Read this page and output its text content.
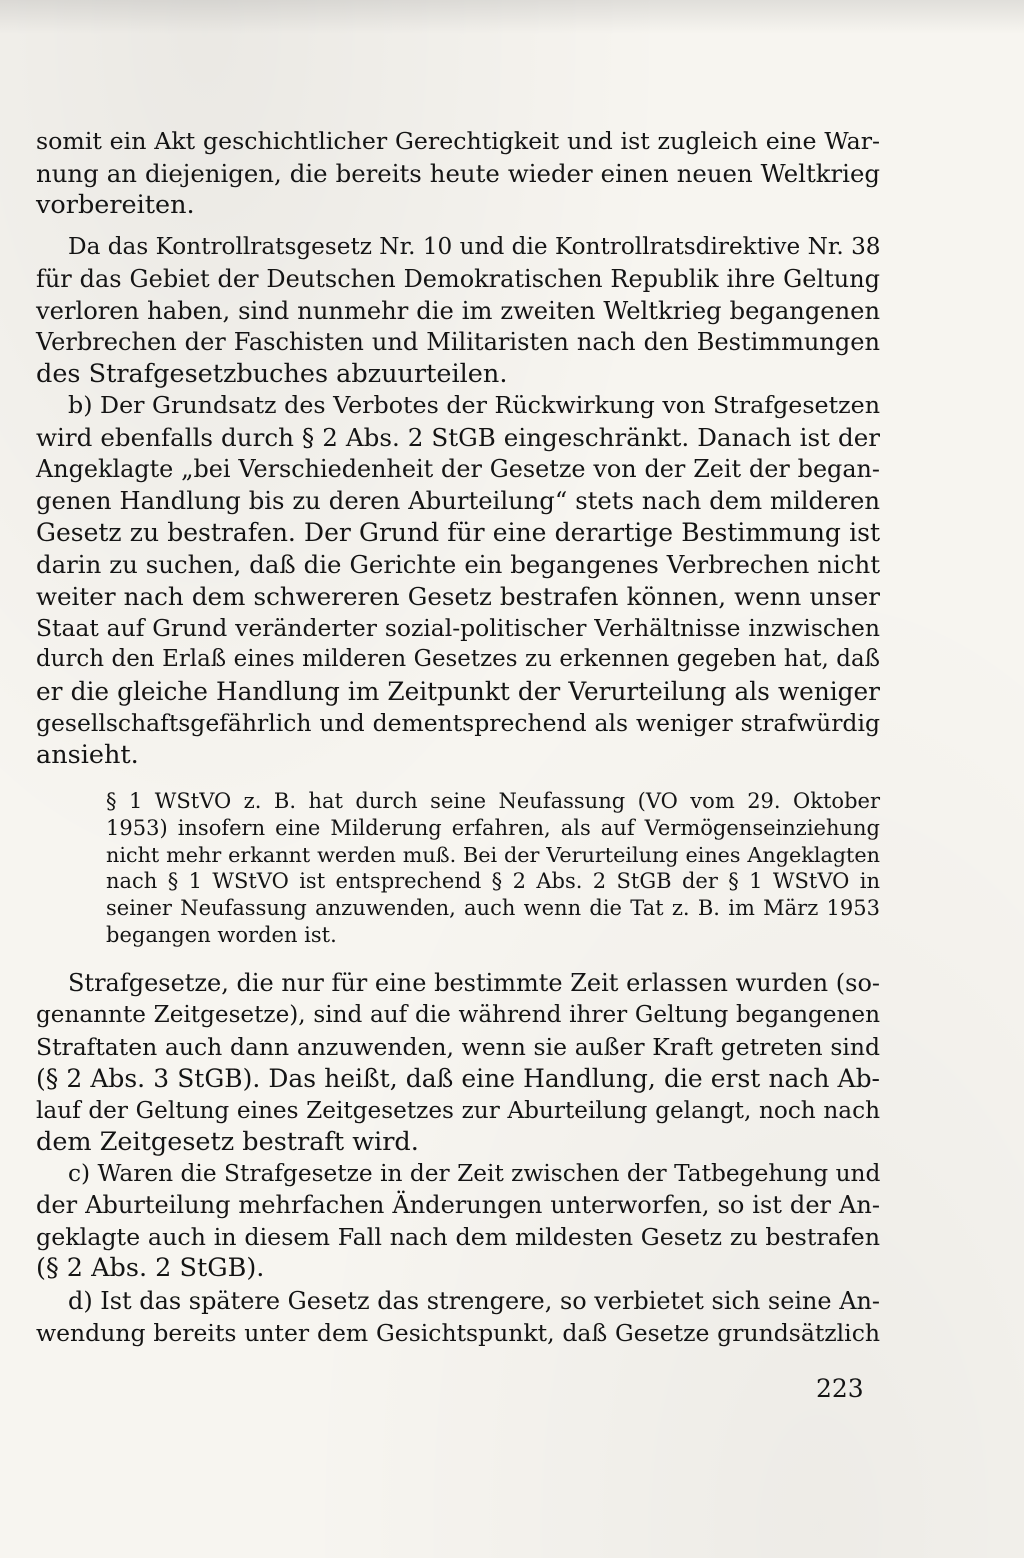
somit ein Akt geschichtlicher Gerechtigkeit und ist zugleich eine War-
nung an diejenigen, die bereits heute wieder einen neuen Weltkrieg
vorbereiten.
Da das Kontrollratsgesetz Nr. 10 und die Kontrollratsdirektive Nr. 38
für das Gebiet der Deutschen Demokratischen Republik ihre Geltung
verloren haben, sind nunmehr die im zweiten Weltkrieg begangenen
Verbrechen der Faschisten und Militaristen nach den Bestimmungen
des Strafgesetzbuches abzuurteilen.
b) Der Grundsatz des Verbotes der Rückwirkung von Strafgesetzen
wird ebenfalls durch § 2 Abs. 2 StGB eingeschränkt. Danach ist der
Angeklagte „bei Verschiedenheit der Gesetze von der Zeit der began-
genen Handlung bis zu deren Aburteilung“ stets nach dem milderen
Gesetz zu bestrafen. Der Grund für eine derartige Bestimmung ist
darin zu suchen, daß die Gerichte ein begangenes Verbrechen nicht
weiter nach dem schwereren Gesetz bestrafen können, wenn unser
Staat auf Grund veränderter sozial-politischer Verhältnisse inzwischen
durch den Erlaß eines milderen Gesetzes zu erkennen gegeben hat, daß
er die gleiche Handlung im Zeitpunkt der Verurteilung als weniger
gesellschaftsgefährlich und dementsprechend als weniger strafwürdig
ansieht.
§ 1 WStVO z. B. hat durch seine Neufassung (VO vom 29. Oktober
1953) insofern eine Milderung erfahren, als auf Vermögenseinziehung
nicht mehr erkannt werden muß. Bei der Verurteilung eines Angeklagten
nach § 1 WStVO ist entsprechend § 2 Abs. 2 StGB der § 1 WStVO in
seiner Neufassung anzuwenden, auch wenn die Tat z. B. im März 1953
begangen worden ist.
Strafgesetze, die nur für eine bestimmte Zeit erlassen wurden (so-
genannte Zeitgesetze), sind auf die während ihrer Geltung begangenen
Straftaten auch dann anzuwenden, wenn sie außer Kraft getreten sind
(§ 2 Abs. 3 StGB). Das heißt, daß eine Handlung, die erst nach Ab-
lauf der Geltung eines Zeitgesetzes zur Aburteilung gelangt, noch nach
dem Zeitgesetz bestraft wird.
c) Waren die Strafgesetze in der Zeit zwischen der Tatbegehung und
der Aburteilung mehrfachen Änderungen unterworfen, so ist der An-
geklagte auch in diesem Fall nach dem mildesten Gesetz zu bestrafen
(§ 2 Abs. 2 StGB).
d) Ist das spätere Gesetz das strengere, so verbietet sich seine An-
wendung bereits unter dem Gesichtspunkt, daß Gesetze grundsätzlich
223
